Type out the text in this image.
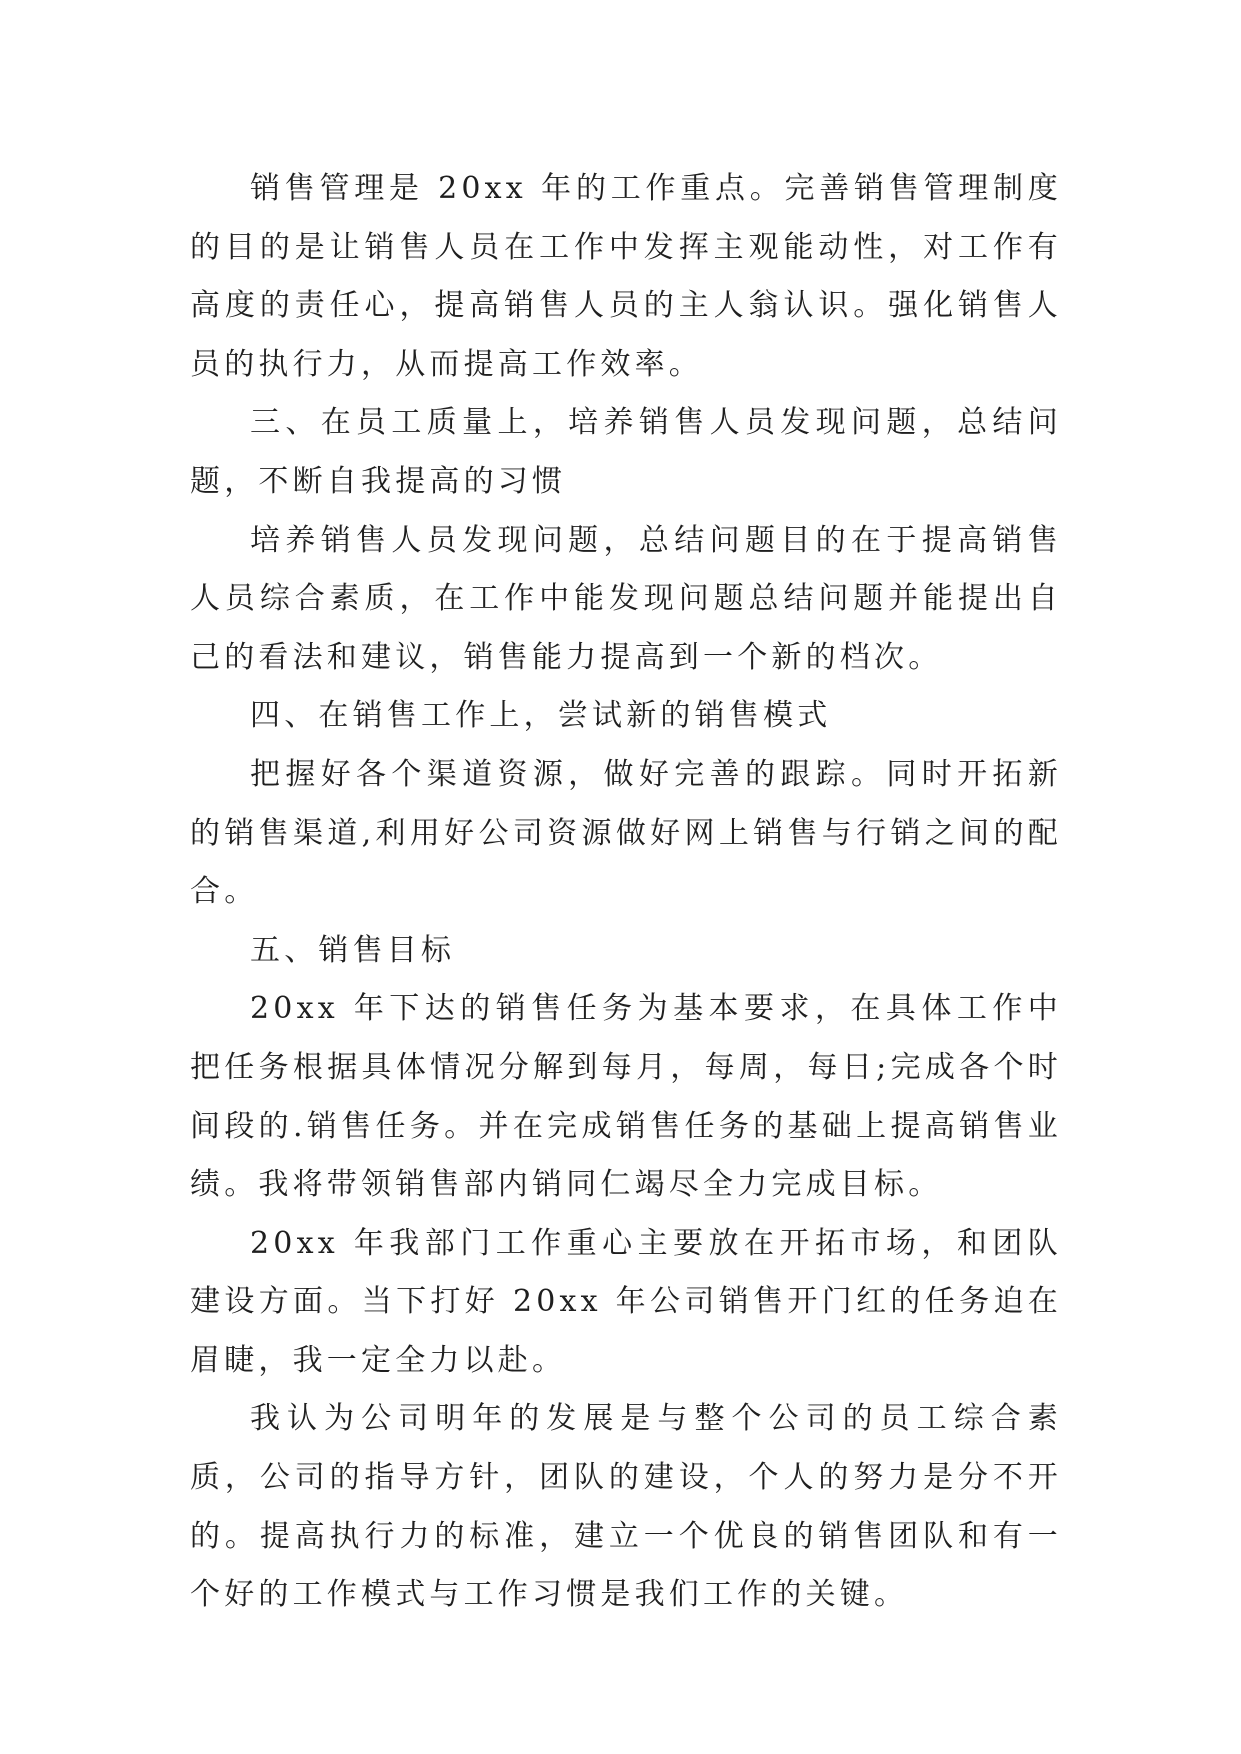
销售管理是 20xx 年的工作重点。完善销售管理制度的目的是让销售人员在工作中发挥主观能动性，对工作有高度的责任心，提高销售人员的主人翁认识。强化销售人员的执行力，从而提高工作效率。

三、在员工质量上，培养销售人员发现问题，总结问题，不断自我提高的习惯

培养销售人员发现问题，总结问题目的在于提高销售人员综合素质，在工作中能发现问题总结问题并能提出自己的看法和建议，销售能力提高到一个新的档次。

四、在销售工作上，尝试新的销售模式

把握好各个渠道资源，做好完善的跟踪。同时开拓新的销售渠道,利用好公司资源做好网上销售与行销之间的配合。

五、销售目标

20xx 年下达的销售任务为基本要求，在具体工作中把任务根据具体情况分解到每月，每周，每日;完成各个时间段的.销售任务。并在完成销售任务的基础上提高销售业绩。我将带领销售部内销同仁竭尽全力完成目标。

20xx 年我部门工作重心主要放在开拓市场，和团队建设方面。当下打好 20xx 年公司销售开门红的任务迫在眉睫，我一定全力以赴。

我认为公司明年的发展是与整个公司的员工综合素质，公司的指导方针，团队的建设，个人的努力是分不开的。提高执行力的标准，建立一个优良的销售团队和有一个好的工作模式与工作习惯是我们工作的关键。
